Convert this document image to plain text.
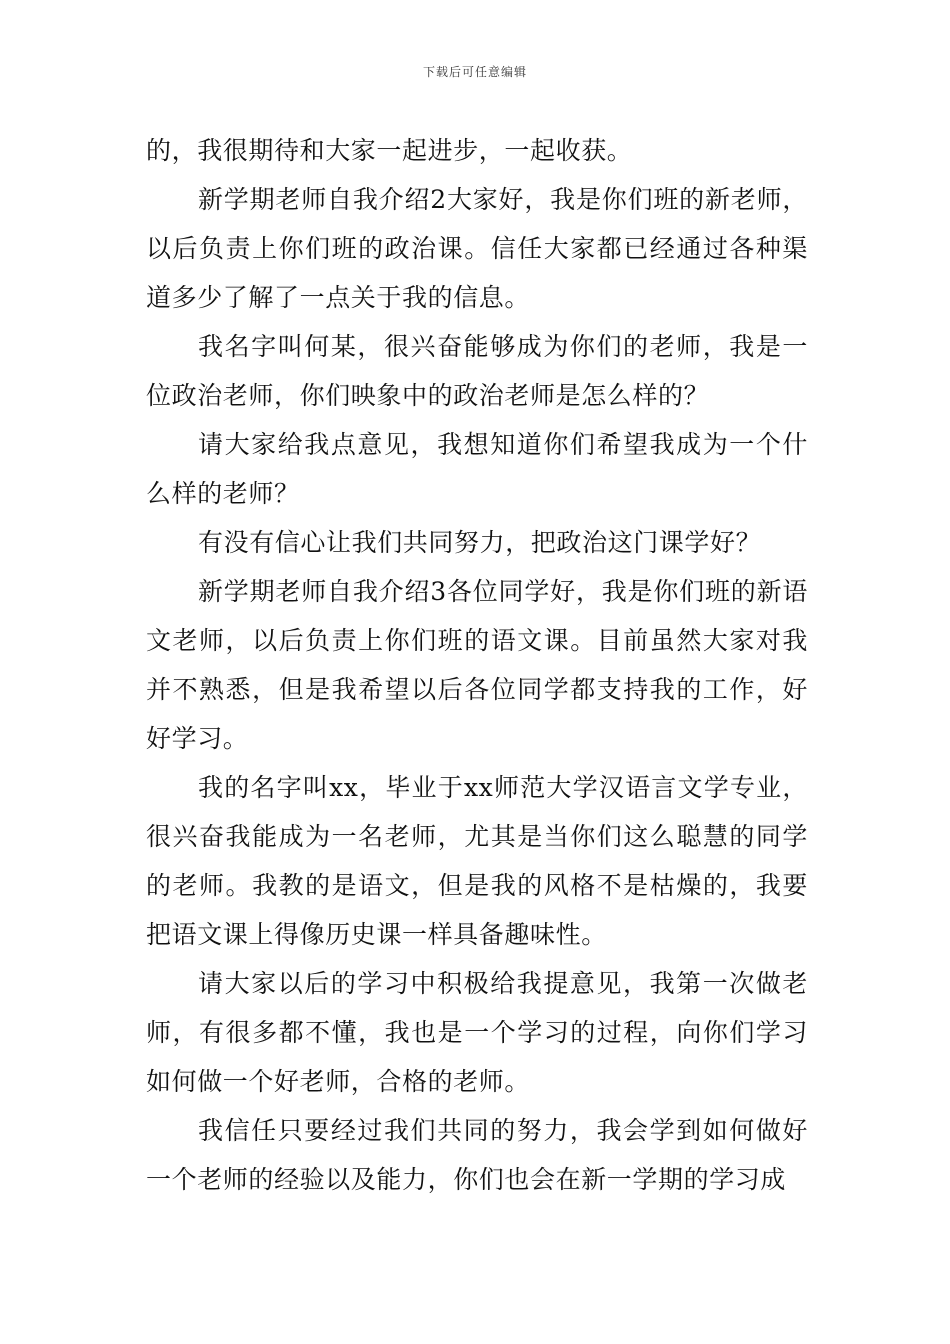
下载后可任意编辑

的，我很期待和大家一起进步，一起收获。

新学期老师自我介绍2大家好，我是你们班的新老师，以后负责上你们班的政治课。信任大家都已经通过各种渠道多少了解了一点关于我的信息。

我名字叫何某，很兴奋能够成为你们的老师，我是一位政治老师，你们映象中的政治老师是怎么样的？

请大家给我点意见，我想知道你们希望我成为一个什么样的老师？

有没有信心让我们共同努力，把政治这门课学好？

新学期老师自我介绍3各位同学好，我是你们班的新语文老师，以后负责上你们班的语文课。目前虽然大家对我并不熟悉，但是我希望以后各位同学都支持我的工作，好好学习。

我的名字叫xx，毕业于xx师范大学汉语言文学专业，很兴奋我能成为一名老师，尤其是当你们这么聪慧的同学的老师。我教的是语文，但是我的风格不是枯燥的，我要把语文课上得像历史课一样具备趣味性。

请大家以后的学习中积极给我提意见，我第一次做老师，有很多都不懂，我也是一个学习的过程，向你们学习如何做一个好老师，合格的老师。

我信任只要经过我们共同的努力，我会学到如何做好一个老师的经验以及能力，你们也会在新一学期的学习成
